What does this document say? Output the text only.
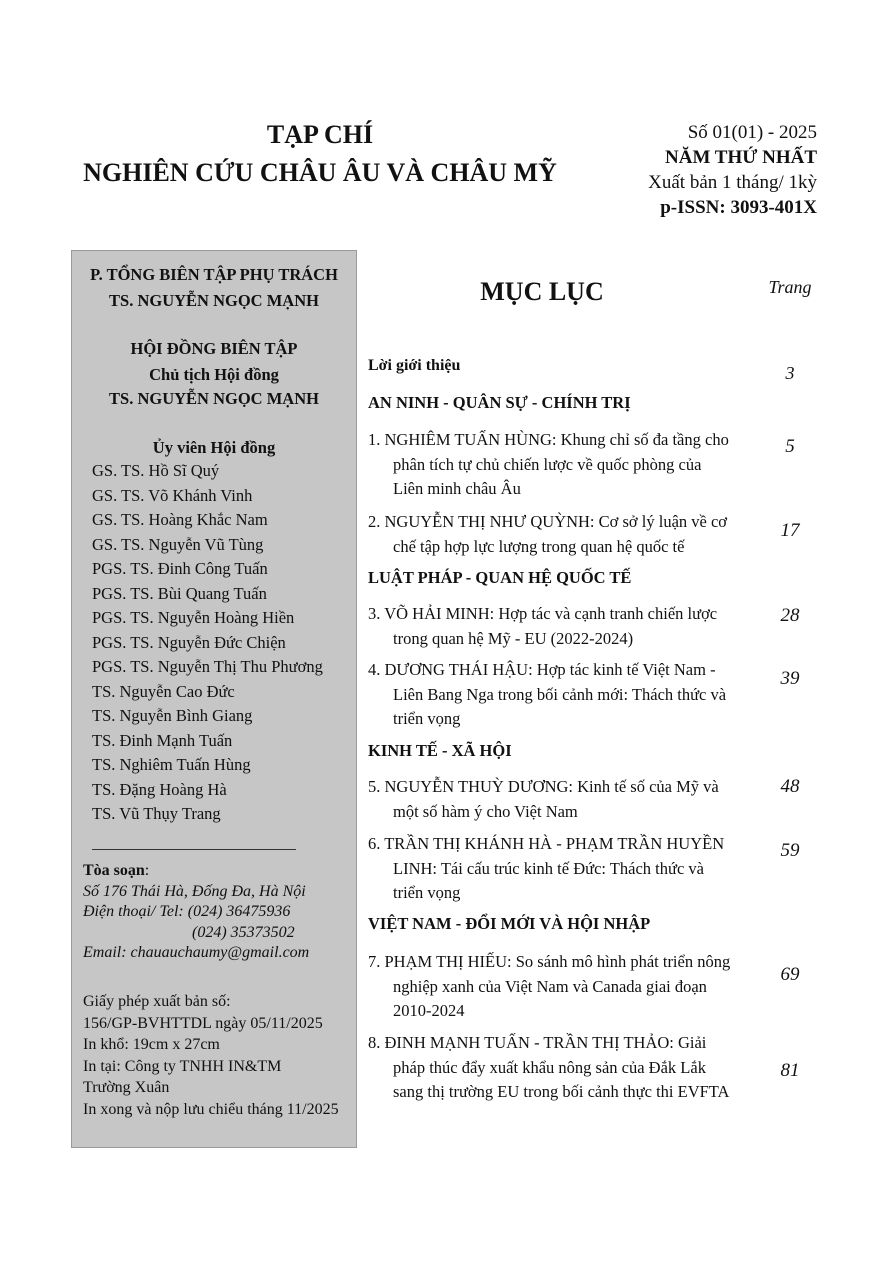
TẠP CHÍ
NGHIÊN CỨU CHÂU ÂU VÀ CHÂU MỸ
Số 01(01) - 2025
NĂM THỨ NHẤT
Xuất bản 1 tháng/ 1kỳ
p-ISSN: 3093-401X
P. TỔNG BIÊN TẬP PHỤ TRÁCH
TS. NGUYỄN NGỌC MẠNH
HỘI ĐỒNG BIÊN TẬP
Chủ tịch Hội đồng
TS. NGUYỄN NGỌC MẠNH
Ủy viên Hội đồng
GS. TS. Hồ Sĩ Quý
GS. TS. Võ Khánh Vinh
GS. TS. Hoàng Khắc Nam
GS. TS. Nguyễn Vũ Tùng
PGS. TS. Đinh Công Tuấn
PGS. TS. Bùi Quang Tuấn
PGS. TS. Nguyễn Hoàng Hiền
PGS. TS. Nguyễn Đức Chiện
PGS. TS. Nguyễn Thị Thu Phương
TS. Nguyễn Cao Đức
TS. Nguyễn Bình Giang
TS. Đinh Mạnh Tuấn
TS. Nghiêm Tuấn Hùng
TS. Đặng Hoàng Hà
TS. Vũ Thụy Trang
Tòa soạn:
Số 176 Thái Hà, Đống Đa, Hà Nội
Điện thoại/ Tel: (024) 36475936
(024) 35373502
Email: chauauchaumy@gmail.com
Giấy phép xuất bản số:
156/GP-BVHTTDL ngày 05/11/2025
In khổ: 19cm x 27cm
In tại: Công ty TNHH IN&TM
Trường Xuân
In xong và nộp lưu chiểu tháng 11/2025
MỤC LỤC	Trang
Lời giới thiệu	3
AN NINH - QUÂN SỰ - CHÍNH TRỊ
1. NGHIÊM TUẤN HÙNG: Khung chỉ số đa tầng cho
phân tích tự chủ chiến lược về quốc phòng của
Liên minh châu Âu
5
2. NGUYỄN THỊ NHƯ QUỲNH: Cơ sở lý luận về cơ
chế tập hợp lực lượng trong quan hệ quốc tế
17
LUẬT PHÁP - QUAN HỆ QUỐC TẾ
3. VÕ HẢI MINH: Hợp tác và cạnh tranh chiến lược
trong quan hệ Mỹ - EU (2022-2024)
28
4. DƯƠNG THÁI HẬU: Hợp tác kinh tế Việt Nam -
Liên Bang Nga trong bối cảnh mới: Thách thức và
triển vọng
39
KINH TẾ - XÃ HỘI
5. NGUYỄN THUỲ DƯƠNG: Kinh tế số của Mỹ và
một số hàm ý cho Việt Nam
48
6. TRẦN THỊ KHÁNH HÀ - PHẠM TRẦN HUYỀN
LINH: Tái cấu trúc kinh tế Đức: Thách thức và
triển vọng
59
VIỆT NAM - ĐỔI MỚI VÀ HỘI NHẬP
7. PHẠM THỊ HIẾU: So sánh mô hình phát triển nông
nghiệp xanh của Việt Nam và Canada giai đoạn
2010-2024
69
8. ĐINH MẠNH TUẤN - TRẦN THỊ THẢO: Giải
pháp thúc đẩy xuất khẩu nông sản của Đắk Lắk
sang thị trường EU trong bối cảnh thực thi EVFTA
81
